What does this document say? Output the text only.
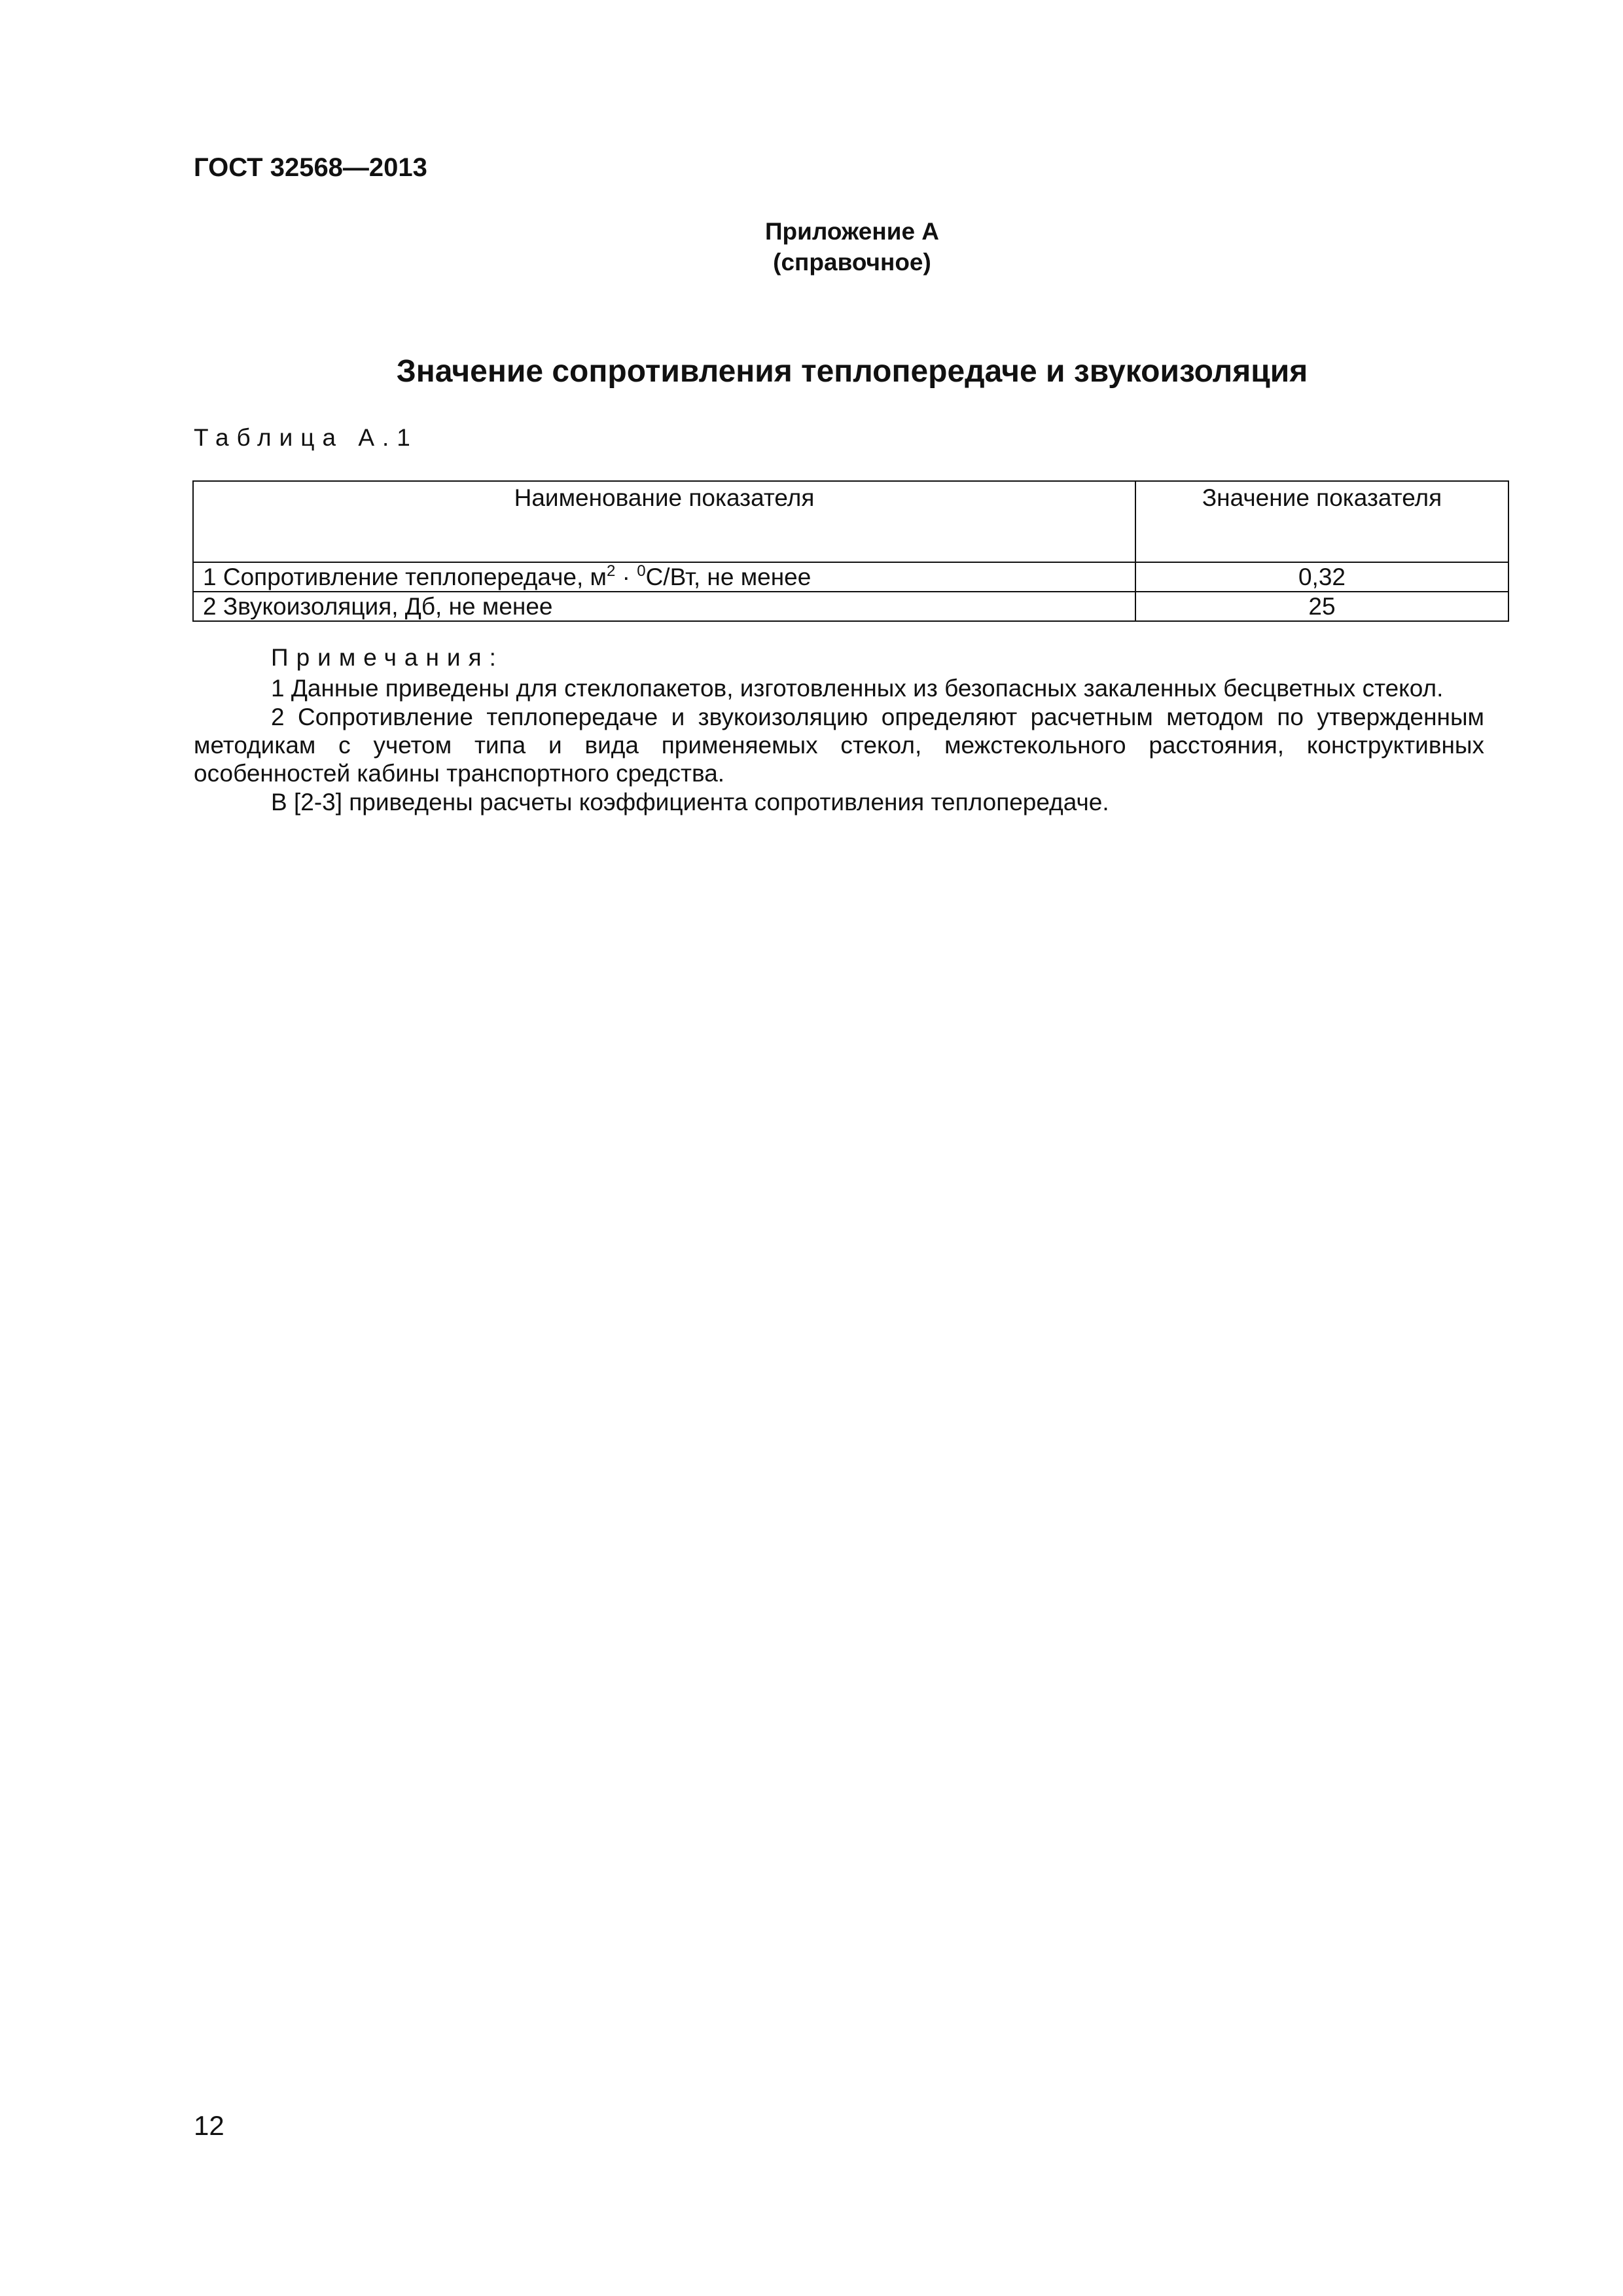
ГОСТ 32568—2013
Приложение А
(справочное)
Значение сопротивления теплопередаче и звукоизоляция
Таблица А.1
Наименование показателя	Значение показателя
1 Сопротивление теплопередаче, $м^2 \cdot ^0С/Вт$, не менее	0,32
2 Звукоизоляция, Дб, не менее	25
Примечания:
1 Данные приведены для стеклопакетов, изготовленных из безопасных закаленных бесцветных стекол.
2 Сопротивление теплопередаче и звукоизоляцию определяют расчетным методом по утвержденным методикам с учетом типа и вида применяемых стекол, межстекольного расстояния, конструктивных особенностей кабины транспортного средства.
В [2-3] приведены расчеты коэффициента сопротивления теплопередаче.
12
